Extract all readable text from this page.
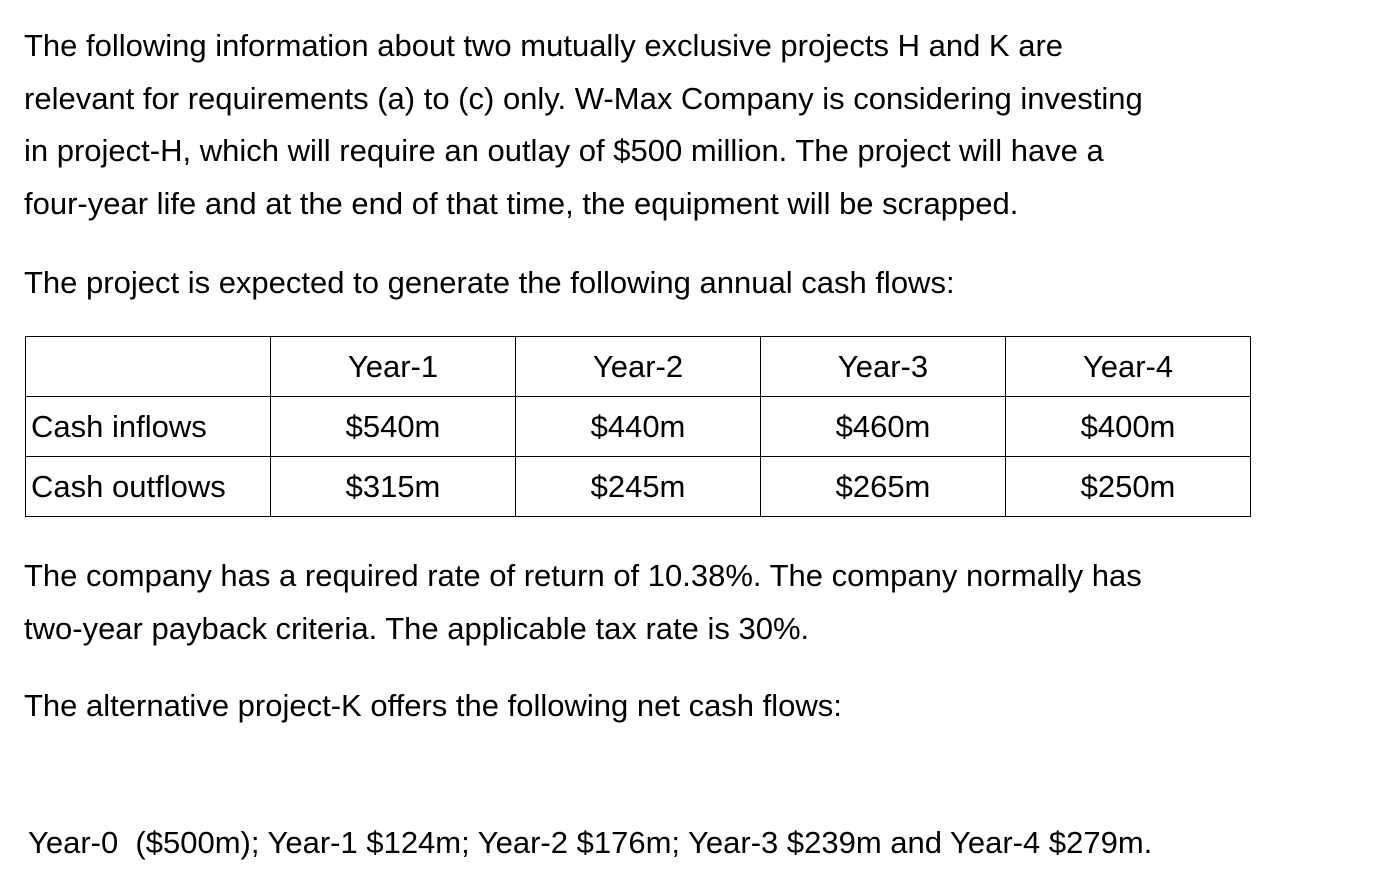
The following information about two mutually exclusive projects H and K are
relevant for requirements (a) to (c) only. W-Max Company is considering investing
in project-H, which will require an outlay of $500 million. The project will have a
four-year life and at the end of that time, the equipment will be scrapped.

The project is expected to generate the following annual cash flows:

	Year-1	Year-2	Year-3	Year-4
Cash inflows	$540m	$440m	$460m	$400m
Cash outflows	$315m	$245m	$265m	$250m
The company has a required rate of return of 10.38%. The company normally has
two-year payback criteria. The applicable tax rate is 30%.

The alternative project-K offers the following net cash flows:

Year-0  ($500m); Year-1 $124m; Year-2 $176m; Year-3 $239m and Year-4 $279m.
